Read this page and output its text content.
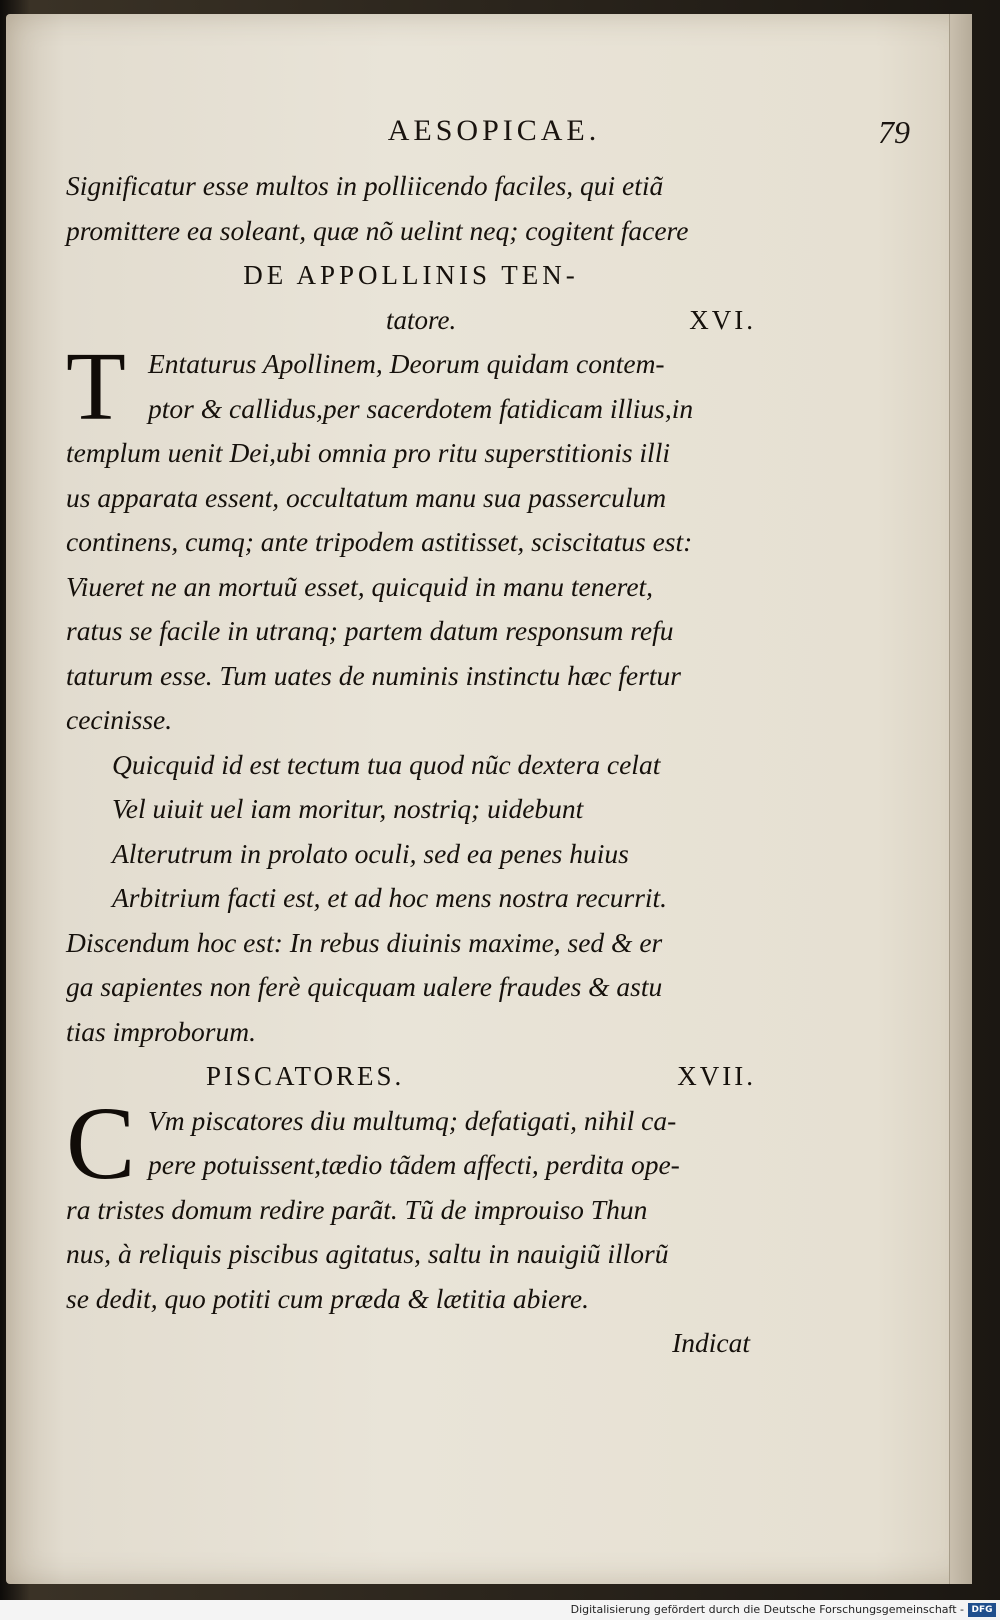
AESOPICAE.	79
Significatur esse multos in polliicendo faciles, qui etiã
promittere ea soleant, quæ nõ uelint neq; cogitent facere
DE APPOLLINIS TEN-
tatore.	XVI.
T Entaturus Apollinem, Deorum quidam contem-
ptor & callidus,per sacerdotem fatidicam illius,in
templum uenit Dei,ubi omnia pro ritu superstitionis illi
us apparata essent, occultatum manu sua passerculum
continens, cumq; ante tripodem astitisset, sciscitatus est:
Viueret ne an mortuũ esset, quicquid in manu teneret,
ratus se facile in utranq; partem datum responsum refu
taturum esse. Tum uates de numinis instinctu hæc fertur
cecinisse.
Quicquid id est tectum tua quod nũc dextera celat
Vel uiuit uel iam moritur, nostriq; uidebunt
Alterutrum in prolato oculi, sed ea penes huius
Arbitrium facti est, et ad hoc mens nostra recurrit.
Discendum hoc est: In rebus diuinis maxime, sed & er
ga sapientes non ferè quicquam ualere fraudes & astu
tias improborum.
PISCATORES.	XVII.
C Vm piscatores diu multumq; defatigati, nihil ca-
pere potuissent,tædio tãdem affecti, perdita ope-
ra tristes domum redire parãt. Tũ de improuiso Thun
nus, à reliquis piscibus agitatus, saltu in nauigiũ illorũ
se dedit, quo potiti cum præda & lætitia abiere.
Indicat
Digitalisierung gefördert durch die Deutsche Forschungsgemeinschaft - DFG
